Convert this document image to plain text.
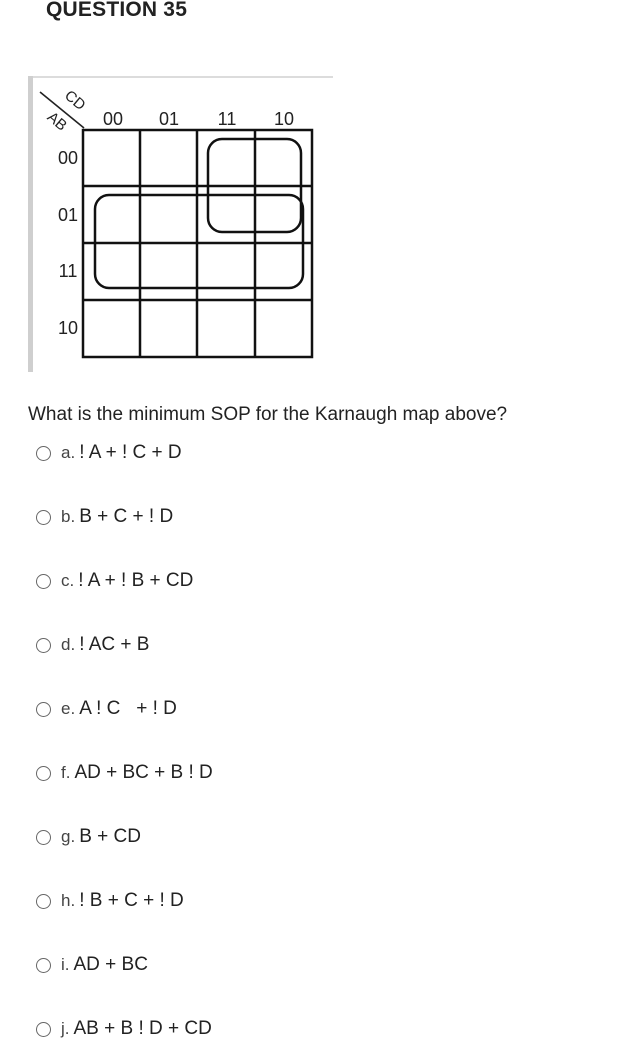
QUESTION 35
CD
AB 00 01 11 10
00
01
11
10
What is the minimum SOP for the Karnaugh map above?
a. ! A + ! C + D
b. B + C + ! D
c. ! A + ! B + CD
d. ! AC + B
e. A ! C   + ! D
f. AD + BC + B ! D
g. B + CD
h. ! B + C + ! D
i. AD + BC
j. AB + B ! D + CD
